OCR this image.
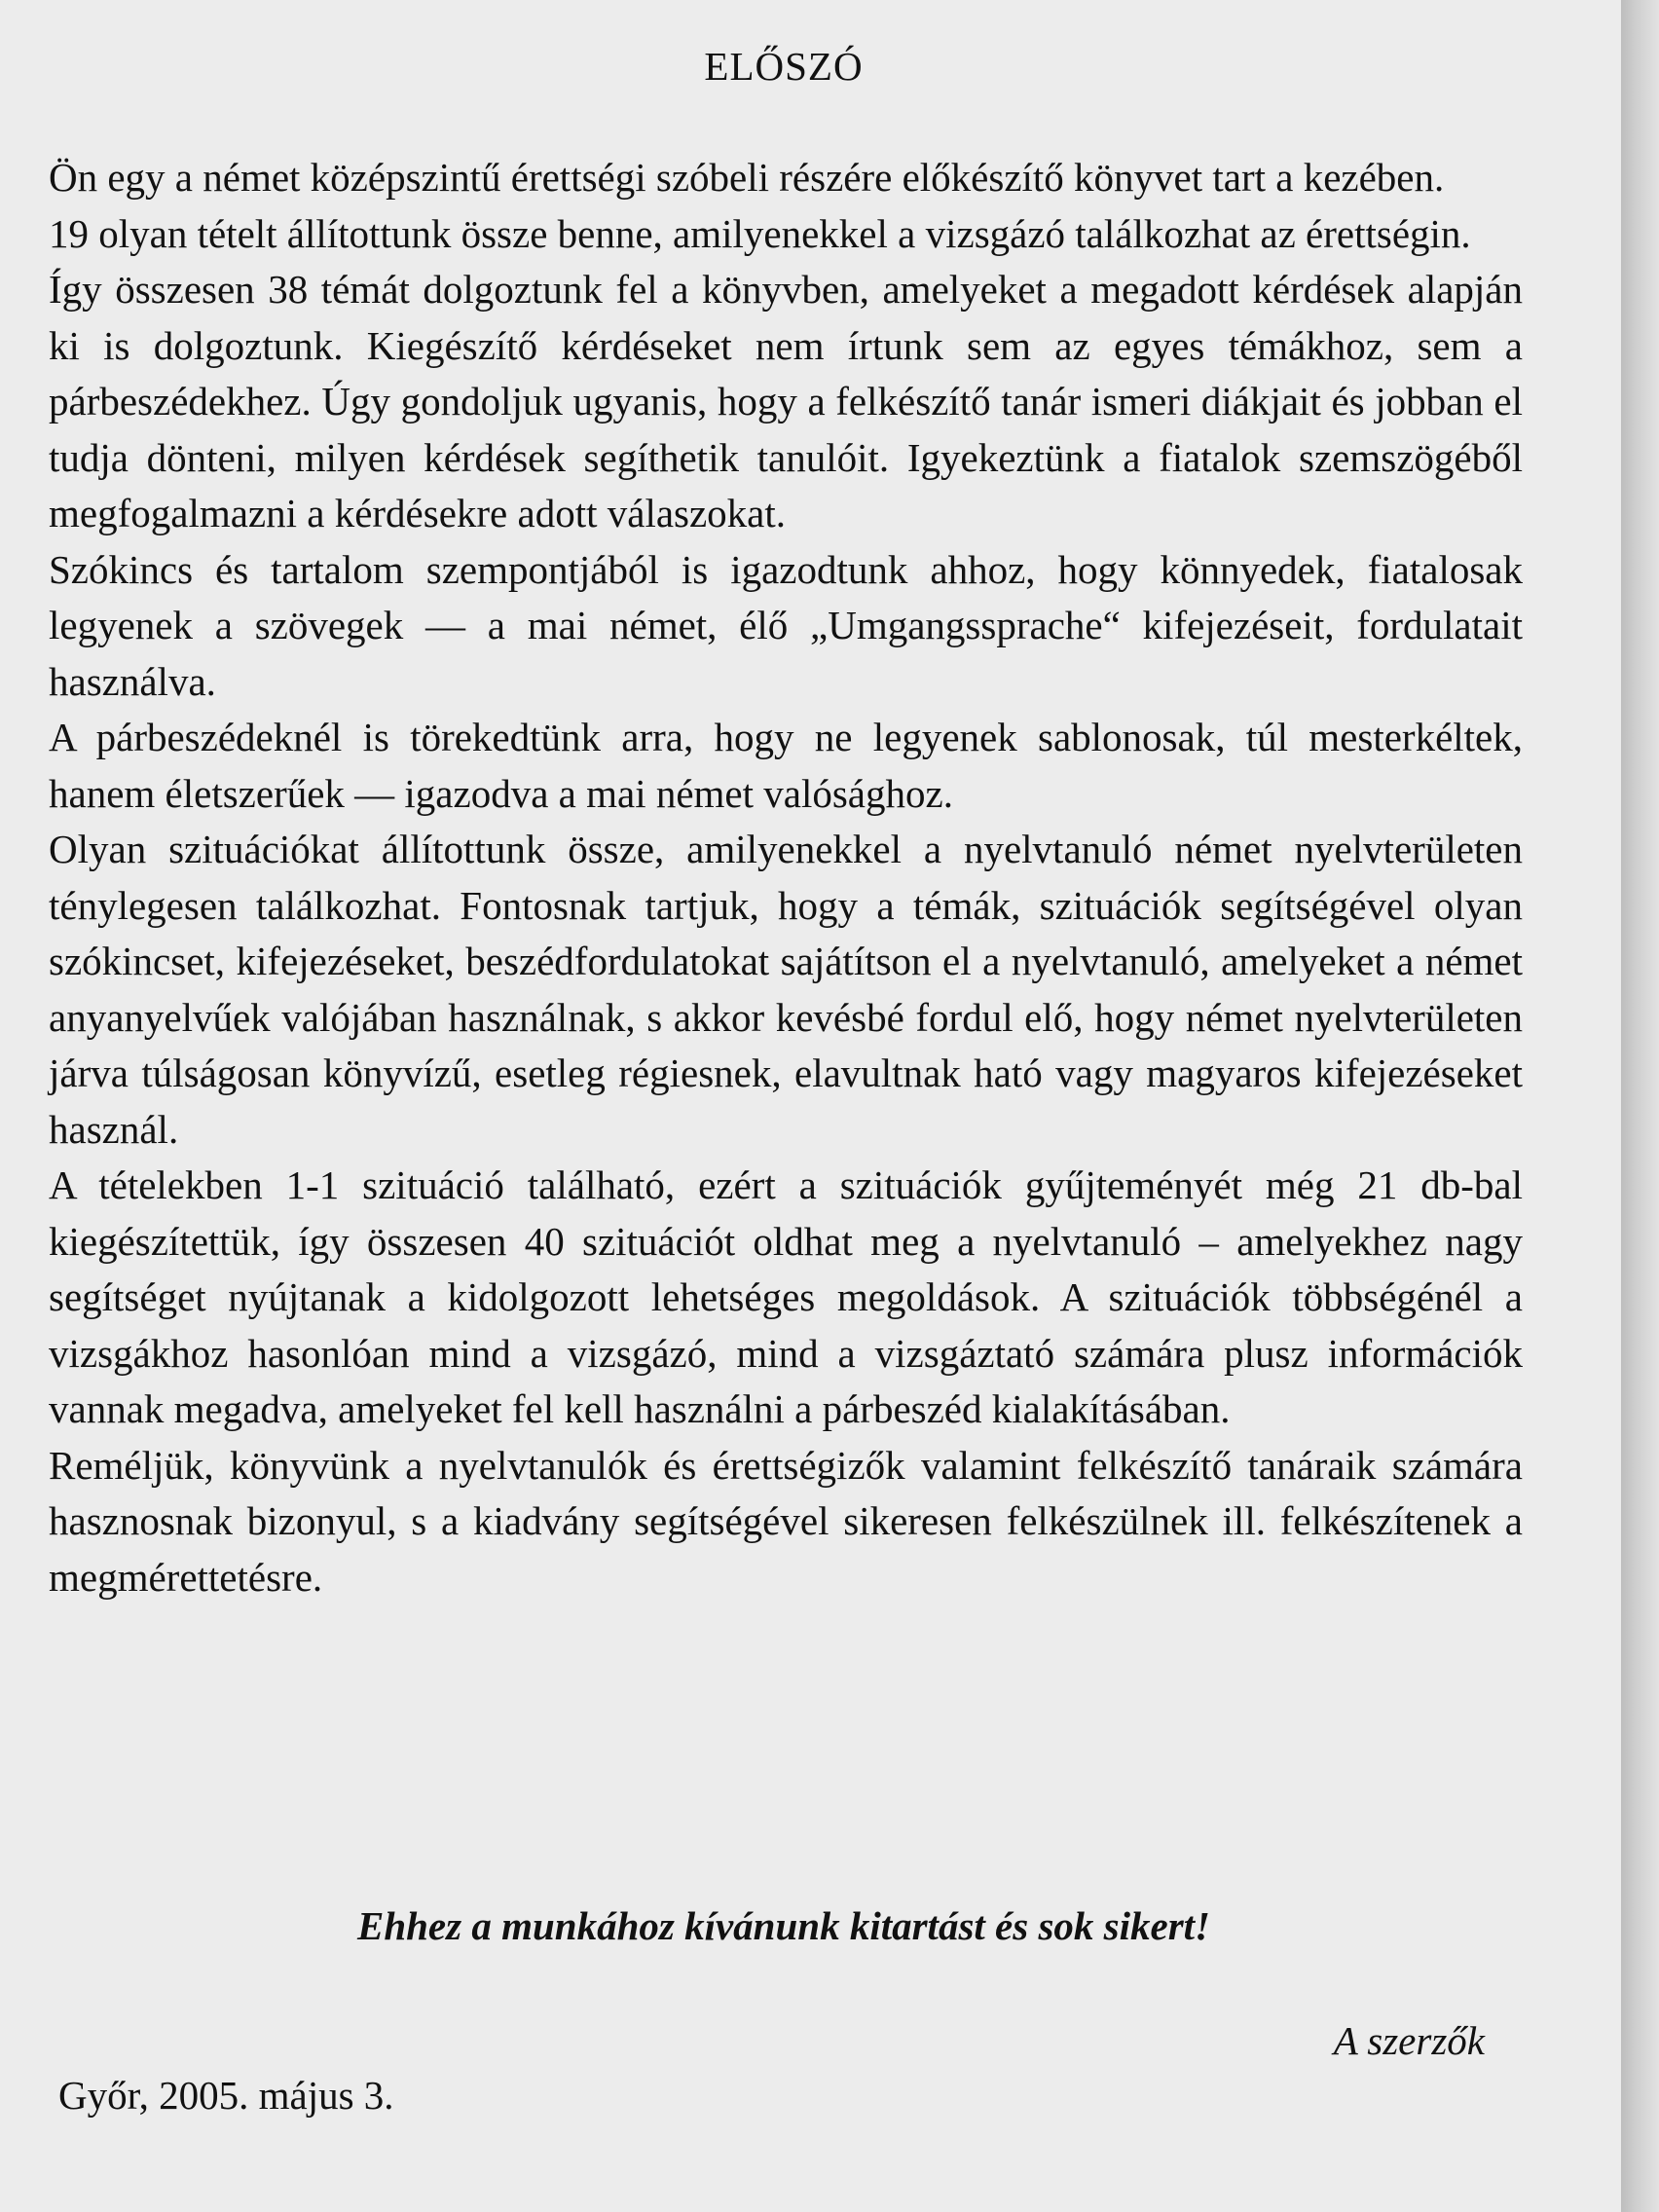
ELŐSZÓ

Ön egy a német középszintű érettségi szóbeli részére előkészítő könyvet tart a kezében.

19 olyan tételt állítottunk össze benne, amilyenekkel a vizsgázó találkozhat az érettségin.

Így összesen 38 témát dolgoztunk fel a könyvben, amelyeket a megadott kérdések alapján ki is dolgoztunk. Kiegészítő kérdéseket nem írtunk sem az egyes témákhoz, sem a párbeszédekhez. Úgy gondoljuk ugyanis, hogy a felkészítő tanár ismeri diákjait és jobban el tudja dönteni, milyen kérdések segíthetik tanulóit. Igyekeztünk a fiatalok szemszögéből megfogalmazni a kérdésekre adott válaszokat.

Szókincs és tartalom szempontjából is igazodtunk ahhoz, hogy könnyedek, fiatalosak legyenek a szövegek — a mai német, élő „Umgangssprache“ kifejezéseit, fordulatait használva.

A párbeszédeknél is törekedtünk arra, hogy ne legyenek sablonosak, túl mesterkéltek, hanem életszerűek — igazodva a mai német valósághoz.

Olyan szituációkat állítottunk össze, amilyenekkel a nyelvtanuló német nyelvterületen ténylegesen találkozhat. Fontosnak tartjuk, hogy a témák, szituációk segítségével olyan szókincset, kifejezéseket, beszédfordulatokat sajátítson el a nyelvtanuló, amelyeket a német anyanyelvűek valójában használnak, s akkor kevésbé fordul elő, hogy német nyelvterületen járva túlságosan könyvízű, esetleg régiesnek, elavultnak ható vagy magyaros kifejezéseket használ.

A tételekben 1-1 szituáció található, ezért a szituációk gyűjteményét még 21 db-bal kiegészítettük, így összesen 40 szituációt oldhat meg a nyelvtanuló – amelyekhez nagy segítséget nyújtanak a kidolgozott lehetséges megoldások. A szituációk többségénél a vizsgákhoz hasonlóan mind a vizsgázó, mind a vizsgáztató számára plusz információk vannak megadva, amelyeket fel kell használni a párbeszéd kialakításában.

Reméljük, könyvünk a nyelvtanulók és érettségizők valamint felkészítő tanáraik számára hasznosnak bizonyul, s a kiadvány segítségével sikeresen felkészülnek ill. felkészítenek a megmérettetésre.

Ehhez a munkához kívánunk kitartást és sok sikert!
A szerzők
Győr, 2005. május 3.
